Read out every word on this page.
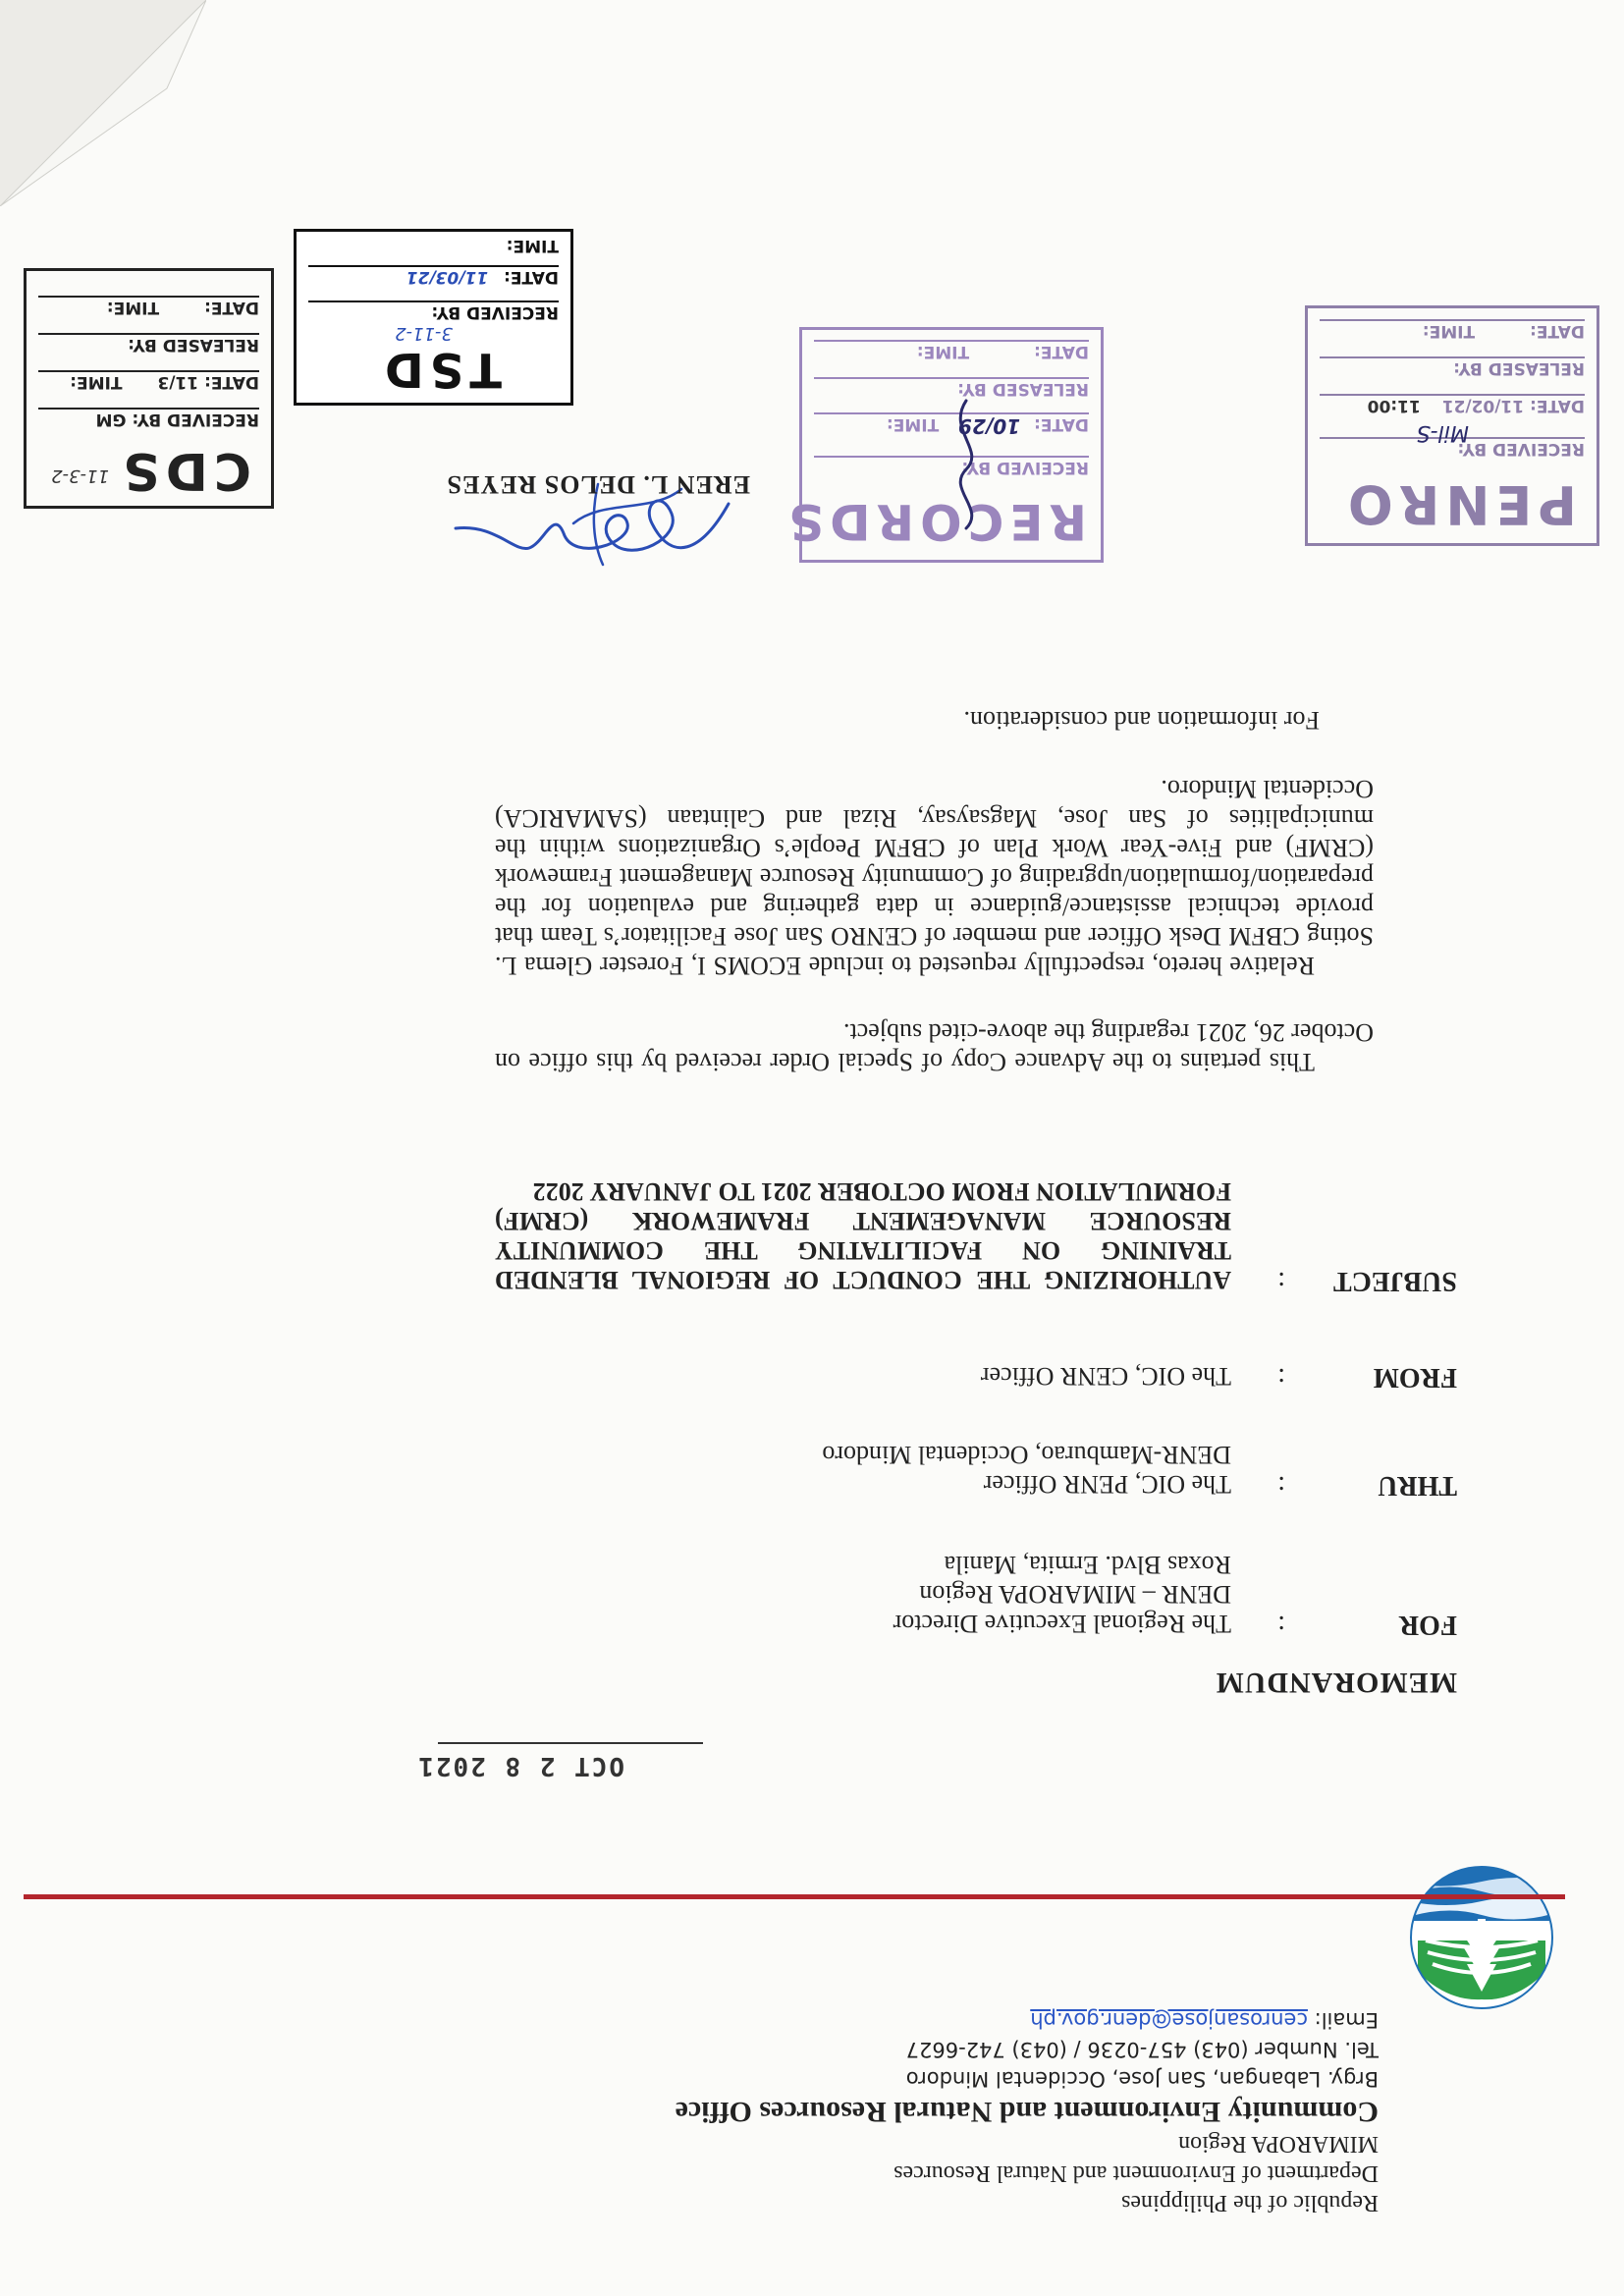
Republic of the Philippines
Department of Environment and Natural Resources
MIMAROPA Region
Community Environment and Natural Resources Office
Brgy. Labangan, San Jose, Occidental Mindoro
Tel. Number (043) 457-0236 / (043) 742-6627
Email: cenrosanjose@denr.gov.ph
OCT 2 8 2021
MEMORANDUM
FOR
:
The Regional Executive Director
DENR – MIMAROPA Region
Roxas Blvd. Ermita, Manila
THRU
:
The OIC, PENR Officer
DENR-Mamburao, Occidental Mindoro
FROM
:
The OIC, CENR Officer
SUBJECT
:
AUTHORIZING THE CONDUCT OF REGIONAL BLENDED TRAINING ON FACILITATING THE COMMUNITY RESOURCE MANAGEMENT FRAMEWORK (CRMF) FORMULATION FROM OCTOBER 2021 TO JANUARY 2022
This pertains to the Advance Copy of Special Order received by this office on October 26, 2021 regarding the above-cited subject.
Relative hereto, respectfully requested to include ECOMS I, Forester Glema L. Soting CBFM Desk Officer and member of CENRO San Jose Facilitator’s Team that provide technical assistance/guidance in data gathering and evaluation for the preparation/formulation/upgrading of Community Resource Management Framework (CRMF) and Five-Year Work Plan of CBFM People’s Organizations within the municipalities of San Jose, Magsaysay, Rizal and Calintaan (SAMARICA) Occidental Mindoro.
For information and consideration.
EREN L. DELOS REYES	PENRO
RECEIVED BY:
Mil-S
DATE: 11/02/21 11:00
RELEASED BY:
DATE: TIME:
RECORDS
RECEIVED BY:
DATE: 10/29 TIME:
RELEASED BY:
DATE: TIME:
TSD
3-11-2
RECEIVED BY:
DATE: 11/03/21
TIME:
CDS
11-3-2
RECEIVED BY: GM
DATE: 11/3 TIME:
RELEASED BY:
DATE: TIME:
